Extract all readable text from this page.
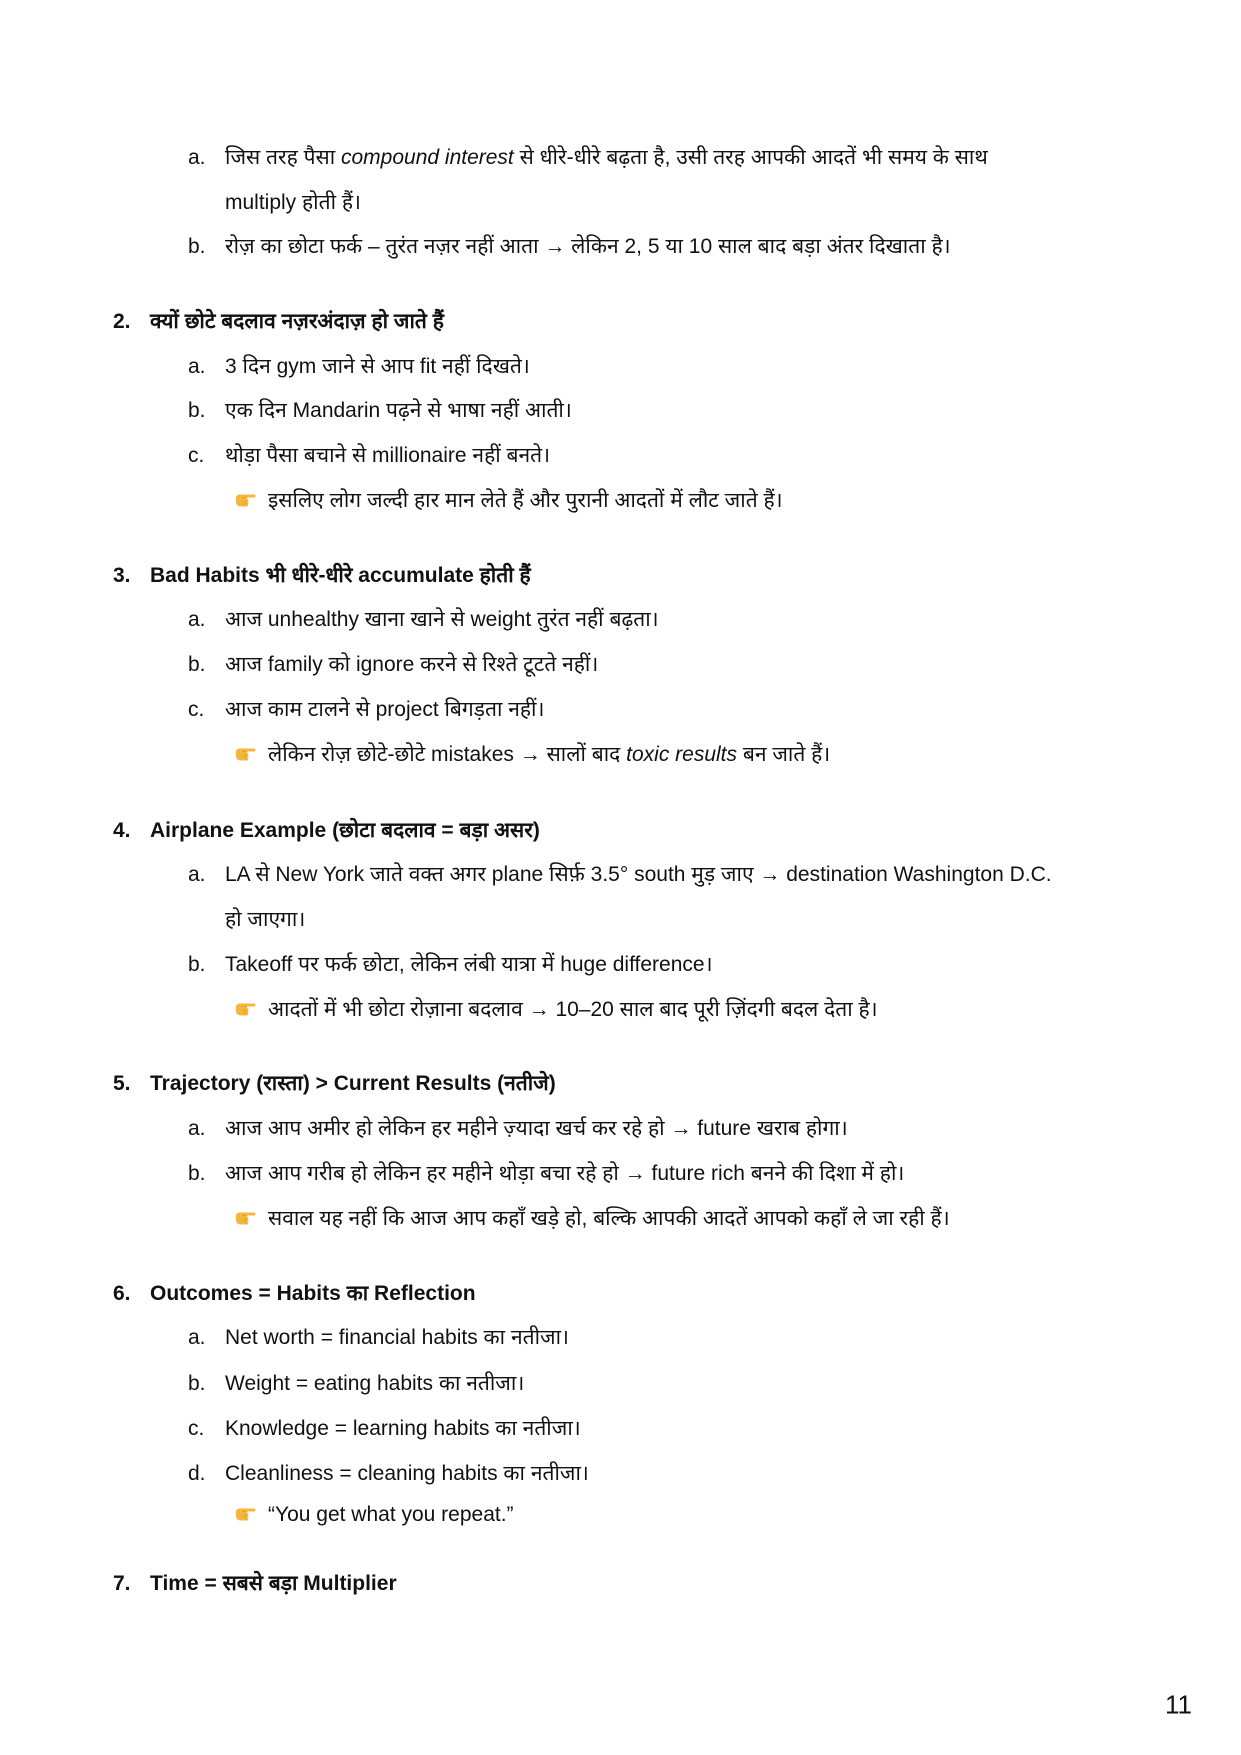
a. जिस तरह पैसा compound interest से धीरे-धीरे बढ़ता है, उसी तरह आपकी आदतें भी समय के साथ
multiply होती हैं।
b. रोज़ का छोटा फर्क – तुरंत नज़र नहीं आता → लेकिन 2, 5 या 10 साल बाद बड़ा अंतर दिखाता है।
2. क्यों छोटे बदलाव नज़रअंदाज़ हो जाते हैं
a. 3 दिन gym जाने से आप fit नहीं दिखते।
b. एक दिन Mandarin पढ़ने से भाषा नहीं आती।
c. थोड़ा पैसा बचाने से millionaire नहीं बनते।
इसलिए लोग जल्दी हार मान लेते हैं और पुरानी आदतों में लौट जाते हैं।
3. Bad Habits भी धीरे-धीरे accumulate होती हैं
a. आज unhealthy खाना खाने से weight तुरंत नहीं बढ़ता।
b. आज family को ignore करने से रिश्ते टूटते नहीं।
c. आज काम टालने से project बिगड़ता नहीं।
लेकिन रोज़ छोटे-छोटे mistakes → सालों बाद toxic results बन जाते हैं।
4. Airplane Example (छोटा बदलाव = बड़ा असर)
a. LA से New York जाते वक्त अगर plane सिर्फ़ 3.5° south मुड़ जाए → destination Washington D.C.
हो जाएगा।
b. Takeoff पर फर्क छोटा, लेकिन लंबी यात्रा में huge difference।
आदतों में भी छोटा रोज़ाना बदलाव → 10–20 साल बाद पूरी ज़िंदगी बदल देता है।
5. Trajectory (रास्ता) > Current Results (नतीजे)
a. आज आप अमीर हो लेकिन हर महीने ज़्यादा खर्च कर रहे हो → future खराब होगा।
b. आज आप गरीब हो लेकिन हर महीने थोड़ा बचा रहे हो → future rich बनने की दिशा में हो।
सवाल यह नहीं कि आज आप कहाँ खड़े हो, बल्कि आपकी आदतें आपको कहाँ ले जा रही हैं।
6. Outcomes = Habits का Reflection
a. Net worth = financial habits का नतीजा।
b. Weight = eating habits का नतीजा।
c. Knowledge = learning habits का नतीजा।
d. Cleanliness = cleaning habits का नतीजा।
“You get what you repeat.”
7. Time = सबसे बड़ा Multiplier
11
